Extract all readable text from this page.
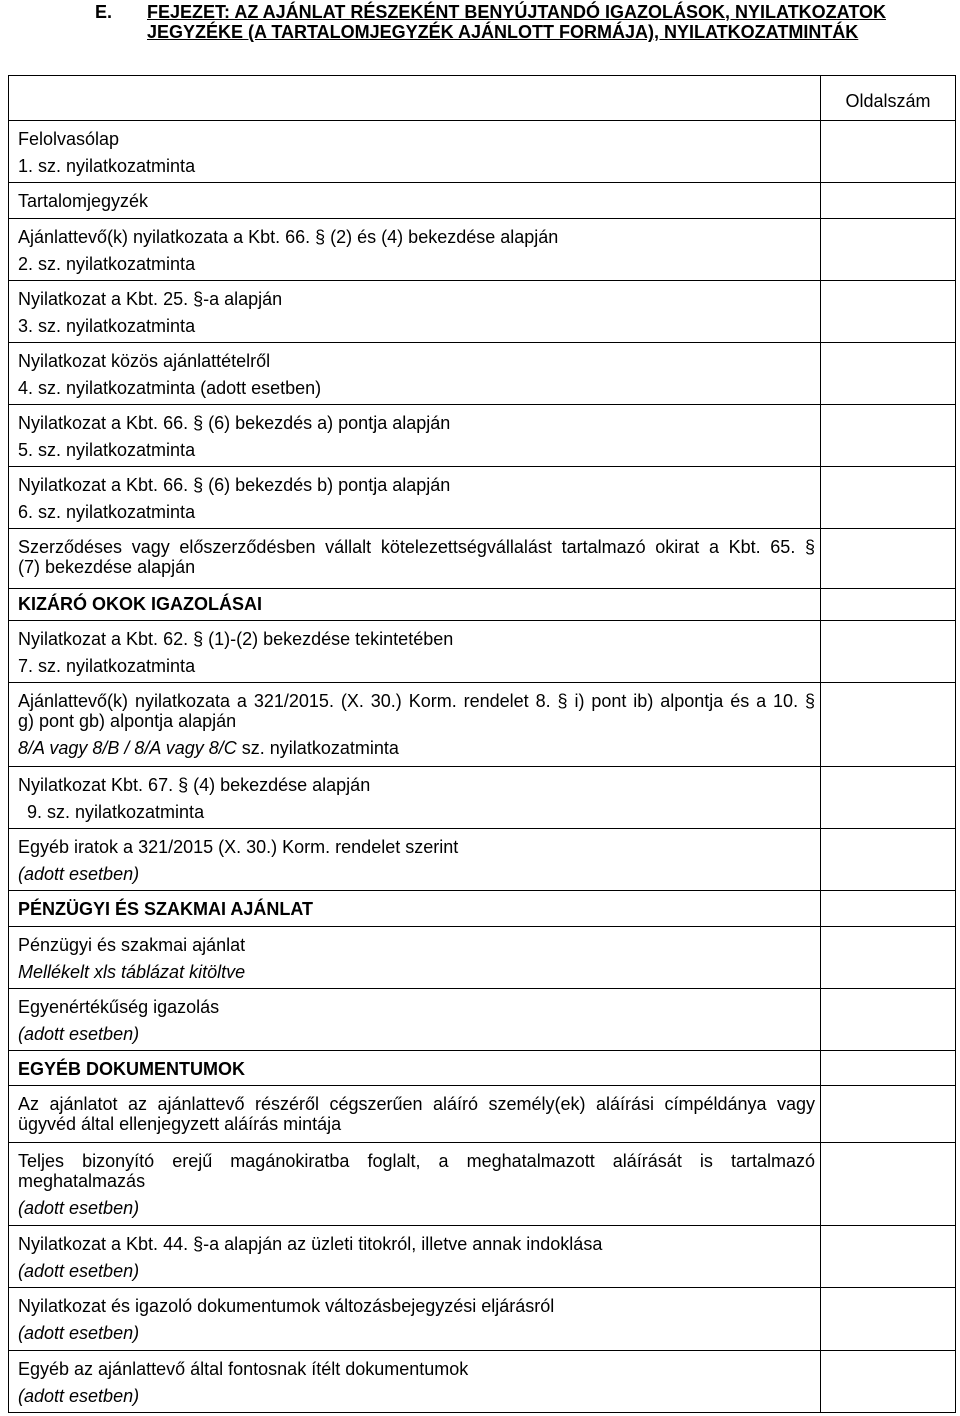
E. FEJEZET: AZ AJÁNLAT RÉSZEKÉNT BENYÚJTANDÓ IGAZOLÁSOK, NYILATKOZATOK JEGYZÉKE (A TARTALOMJEGYZÉK AJÁNLOTT FORMÁJA), NYILATKOZATMINTÁK
Oldalszám
Felolvasólap
1. sz. nyilatkozatminta
Tartalomjegyzék
Ajánlattevő(k) nyilatkozata a Kbt. 66. § (2) és (4) bekezdése alapján
2. sz. nyilatkozatminta
Nyilatkozat a Kbt. 25. §-a alapján
3. sz. nyilatkozatminta
Nyilatkozat közös ajánlattételről
4. sz. nyilatkozatminta (adott esetben)
Nyilatkozat a Kbt. 66. § (6) bekezdés a) pontja alapján
5. sz. nyilatkozatminta
Nyilatkozat a Kbt. 66. § (6) bekezdés b) pontja alapján
6. sz. nyilatkozatminta
Szerződéses vagy előszerződésben vállalt kötelezettségvállalást tartalmazó okirat a Kbt. 65. §
(7) bekezdése alapján
KIZÁRÓ OKOK IGAZOLÁSAI
Nyilatkozat a Kbt. 62. § (1)-(2) bekezdése tekintetében
7. sz. nyilatkozatminta
Ajánlattevő(k) nyilatkozata a 321/2015. (X. 30.) Korm. rendelet 8. § i) pont ib) alpontja és a 10. §
g) pont gb) alpontja alapján
8/A vagy 8/B / 8/A vagy 8/C sz. nyilatkozatminta
Nyilatkozat Kbt. 67. § (4) bekezdése alapján
9. sz. nyilatkozatminta
Egyéb iratok a 321/2015 (X. 30.) Korm. rendelet szerint
(adott esetben)
PÉNZÜGYI ÉS SZAKMAI AJÁNLAT
Pénzügyi és szakmai ajánlat
Mellékelt xls táblázat kitöltve
Egyenértékűség igazolás
(adott esetben)
EGYÉB DOKUMENTUMOK
Az ajánlatot az ajánlattevő részéről cégszerűen aláíró személy(ek) aláírási címpéldánya vagy
ügyvéd által ellenjegyzett aláírás mintája
Teljes bizonyító erejű magánokiratba foglalt, a meghatalmazott aláírását is tartalmazó
meghatalmazás
(adott esetben)
Nyilatkozat a Kbt. 44. §-a alapján az üzleti titokról, illetve annak indoklása
(adott esetben)
Nyilatkozat és igazoló dokumentumok változásbejegyzési eljárásról
(adott esetben)
Egyéb az ajánlattevő által fontosnak ítélt dokumentumok
(adott esetben)
